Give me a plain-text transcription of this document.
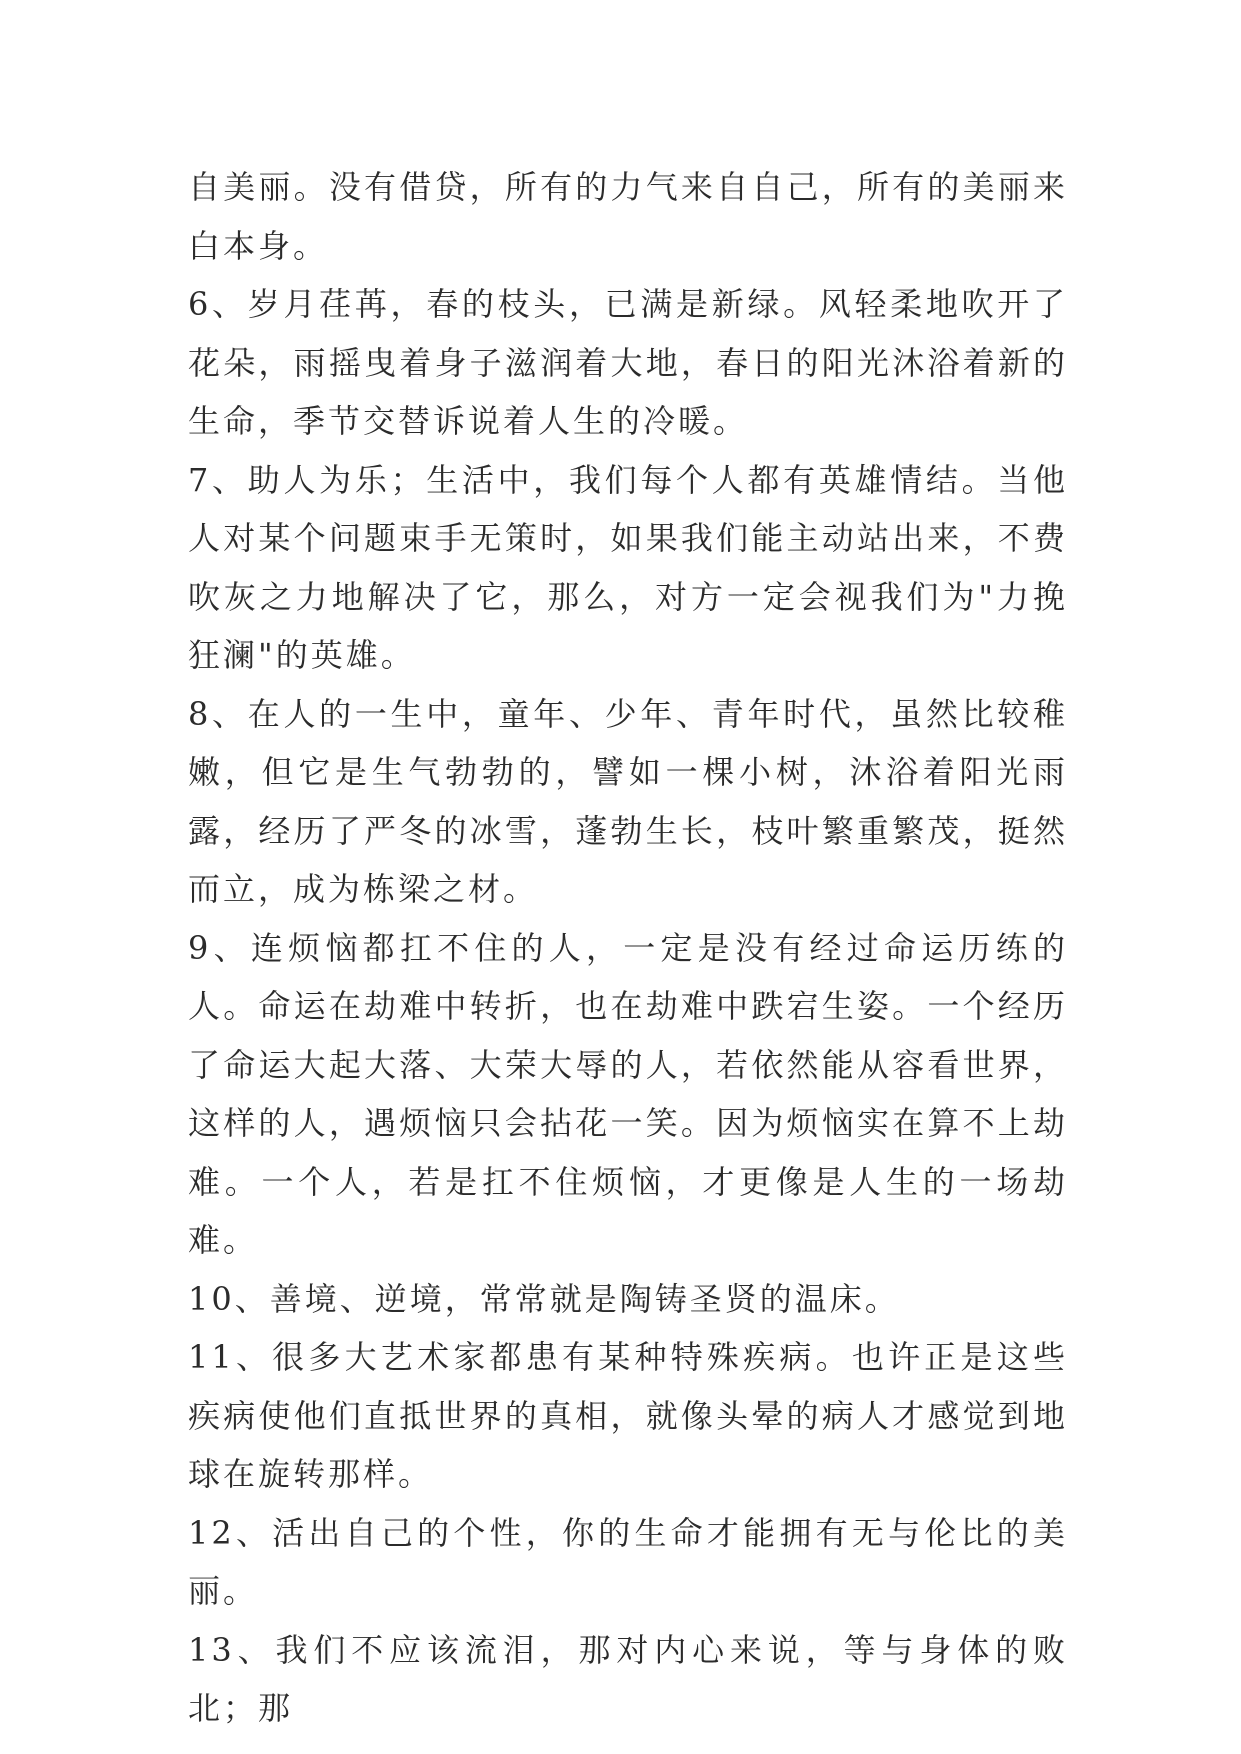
自美丽。没有借贷，所有的力气来自自己，所有的美丽来白本身。

6、岁月荏苒，春的枝头，已满是新绿。风轻柔地吹开了花朵，雨摇曳着身子滋润着大地，春日的阳光沐浴着新的生命，季节交替诉说着人生的冷暖。

7、助人为乐；生活中，我们每个人都有英雄情结。当他人对某个问题束手无策时，如果我们能主动站出来，不费吹灰之力地解决了它，那么，对方一定会视我们为"力挽狂澜"的英雄。

8、在人的一生中，童年、少年、青年时代，虽然比较稚嫩，但它是生气勃勃的，譬如一棵小树，沐浴着阳光雨露，经历了严冬的冰雪，蓬勃生长，枝叶繁重繁茂，挺然而立，成为栋梁之材。

9、连烦恼都扛不住的人，一定是没有经过命运历练的人。命运在劫难中转折，也在劫难中跌宕生姿。一个经历了命运大起大落、大荣大辱的人，若依然能从容看世界，这样的人，遇烦恼只会拈花一笑。因为烦恼实在算不上劫难。一个人，若是扛不住烦恼，才更像是人生的一场劫难。

10、善境、逆境，常常就是陶铸圣贤的温床。

11、很多大艺术家都患有某种特殊疾病。也许正是这些疾病使他们直抵世界的真相，就像头晕的病人才感觉到地球在旋转那样。

12、活出自己的个性，你的生命才能拥有无与伦比的美丽。

13、我们不应该流泪，那对内心来说，等与身体的败北；那
